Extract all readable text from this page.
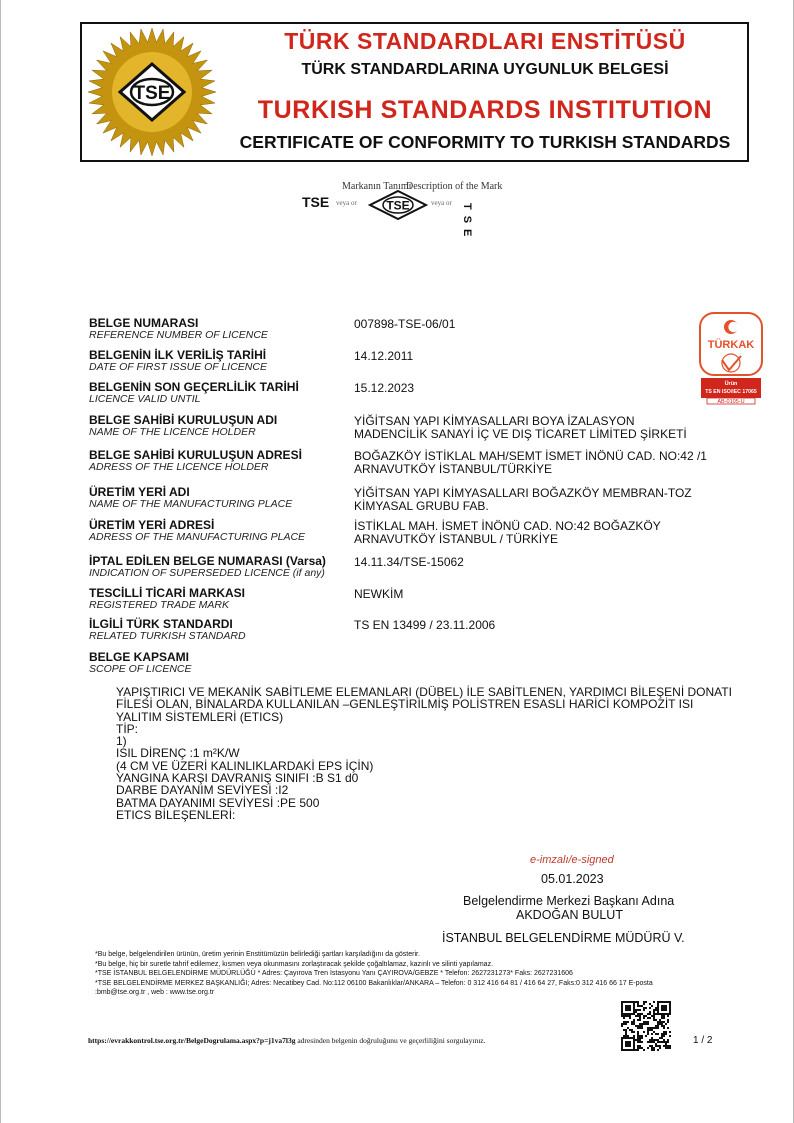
TSE
TÜRK STANDARDLARI ENSTİTÜSÜ
TÜRK STANDARDLARINA UYGUNLUK BELGESİ
TURKISH STANDARDS INSTITUTION
CERTIFICATE OF CONFORMITY TO TURKISH STANDARDS
Markanın Tanımı
Description of the Mark
TSE veya or TSE	veya or TSE
BELGE NUMARASI
REFERENCE NUMBER OF LICENCE
007898-TSE-06/01
BELGENİN İLK VERİLİŞ TARİHİ
DATE OF FIRST ISSUE OF LICENCE
14.12.2011
BELGENİN SON GEÇERLİLİK TARİHİ
LICENCE VALID UNTIL
15.12.2023
BELGE SAHİBİ KURULUŞUN ADI
NAME OF THE LICENCE HOLDER
YİĞİTSAN YAPI KİMYASALLARI BOYA İZALASYON
MADENCİLİK SANAYİ İÇ VE DIŞ TİCARET LİMİTED ŞİRKETİ
BELGE SAHİBİ KURULUŞUN ADRESİ
ADRESS OF THE LICENCE HOLDER
BOĞAZKÖY İSTİKLAL MAH/SEMT İSMET İNÖNÜ CAD. NO:42 /1
ARNAVUTKÖY İSTANBUL/TÜRKİYE
ÜRETİM YERİ ADI
NAME OF THE MANUFACTURING PLACE
YİĞİTSAN YAPI KİMYASALLARI BOĞAZKÖY MEMBRAN-TOZ
KİMYASAL GRUBU FAB.
ÜRETİM YERİ ADRESİ
ADRESS OF THE MANUFACTURING PLACE
İSTİKLAL MAH. İSMET İNÖNÜ CAD. NO:42 BOĞAZKÖY
ARNAVUTKÖY İSTANBUL / TÜRKİYE
İPTAL EDİLEN BELGE NUMARASI (Varsa)
INDICATION OF SUPERSEDED LICENCE (if any)
14.11.34/TSE-15062
TESCİLLİ TİCARİ MARKASI
REGISTERED TRADE MARK
NEWKİM
İLGİLİ TÜRK STANDARDI
RELATED TURKISH STANDARD
TS EN 13499 / 23.11.2006
BELGE KAPSAMI
SCOPE OF LICENCE
TÜRKAK
Ürün
TS EN ISO/IEC 17065
AB-0105-U
YAPIŞTIRICI VE MEKANİK SABİTLEME ELEMANLARI (DÜBEL) İLE SABİTLENEN, YARDIMCI BİLEŞENİ DONATI
FİLESİ OLAN, BİNALARDA KULLANILAN –GENLEŞTİRİLMİŞ POLİSTREN ESASLI HARİCİ KOMPOZİT ISI
YALITIM SİSTEMLERİ (ETICS)
TİP:
1)
ISIL DİRENÇ :1 m²K/W
(4 CM VE ÜZERİ KALINLIKLARDAKİ EPS İÇİN)
YANGINA KARŞI DAVRANIŞ SINIFI :B S1 d0
DARBE DAYANIM SEVİYESİ :I2
BATMA DAYANIMI SEVİYESİ :PE 500
ETICS BİLEŞENLERİ:
e-imzalı/e-signed
05.01.2023
Belgelendirme Merkezi Başkanı Adına
AKDOĞAN BULUT
İSTANBUL BELGELENDİRME MÜDÜRÜ V.
*Bu belge, belgelendirilen ürünün, üretim yerinin Enstitümüzün belirlediği şartları karşıladığını da gösterir.
*Bu belge, hiç bir suretle tahrif edilemez, kısmen veya okunmasını zorlaştıracak şekilde çoğaltılamaz, kazınlı ve silinti yapılamaz.
*TSE İSTANBUL BELGELENDİRME MÜDÜRLÜĞÜ * Adres: Çayırova Tren İstasyonu Yanı ÇAYIROVA/GEBZE * Telefon: 2627231273* Faks: 2627231606
*TSE BELGELENDİRME MERKEZ BAŞKANLIĞI; Adres: Necatibey Cad. No:112 06100 Bakanlıklar/ANKARA – Telefon: 0 312 416 64 81 / 416 64 27, Faks:0 312 416 66 17 E-posta
:bmb@tse.org.tr , web : www.tse.org.tr
https://evrakkontrol.tse.org.tr/BelgeDogrulama.aspx?p=j1va7l3g adresinden belgenin doğruluğunu ve geçerliliğini sorgulayınız.	1 / 2
